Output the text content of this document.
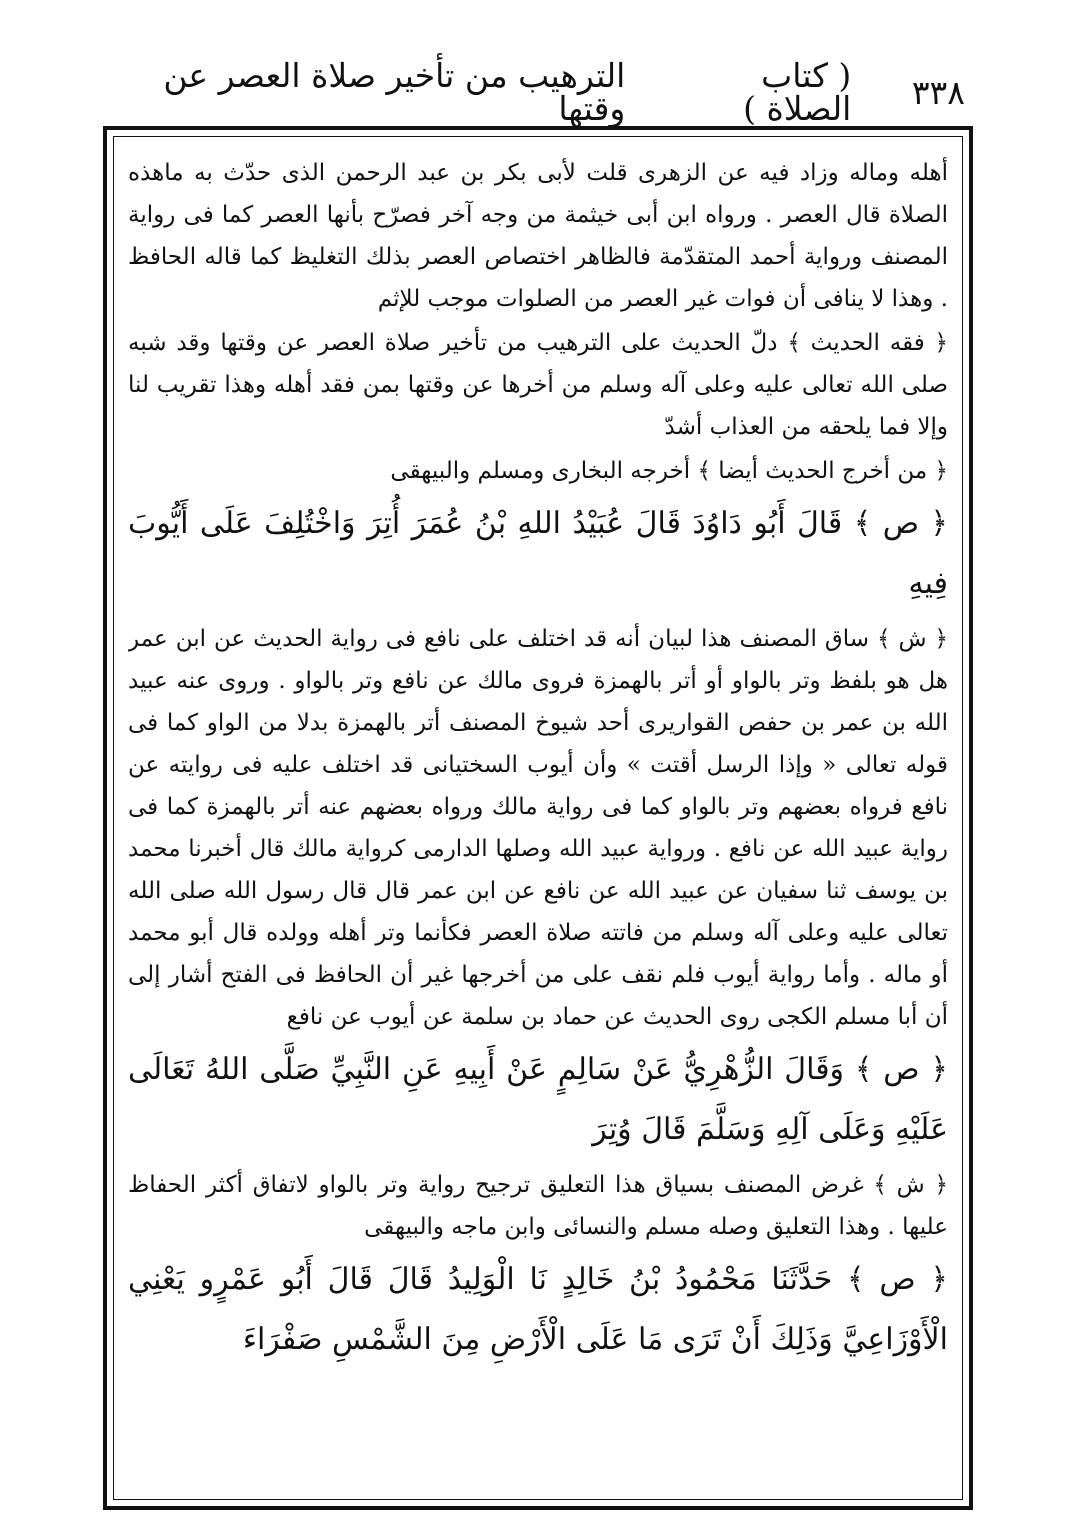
٣٣٨
( كتاب الصلاة )
الترهيب من تأخير صلاة العصر عن وقتها

أهله وماله وزاد فيه عن الزهرى قلت لأبى بكر بن عبد الرحمن الذى حدّث به ماهذه الصلاة قال العصر . ورواه ابن أبى خيثمة من وجه آخر فصرّح بأنها العصر كما فى رواية المصنف ورواية أحمد المتقدّمة فالظاهر اختصاص العصر بذلك التغليظ كما قاله الحافظ . وهذا لا ينافى أن فوات غير العصر من الصلوات موجب للإثم

﴿ فقه الحديث ﴾ دلّ الحديث على الترهيب من تأخير صلاة العصر عن وقتها وقد شبه صلى الله تعالى عليه وعلى آله وسلم من أخرها عن وقتها بمن فقد أهله وهذا تقريب لنا وإلا فما يلحقه من العذاب أشدّ

﴿ من أخرج الحديث أيضا ﴾ أخرجه البخارى ومسلم والبيهقى

﴿ ص ﴾ قَالَ أَبُو دَاوُدَ قَالَ عُبَيْدُ اللهِ بْنُ عُمَرَ أُتِرَ وَاخْتُلِفَ عَلَى أَيُّوبَ فِيهِ

﴿ ش ﴾ ساق المصنف هذا لبيان أنه قد اختلف على نافع فى رواية الحديث عن ابن عمر هل هو بلفظ وتر بالواو أو أتر بالهمزة فروى مالك عن نافع وتر بالواو . وروى عنه عبيد الله بن عمر بن حفص القواريرى أحد شيوخ المصنف أتر بالهمزة بدلا من الواو كما فى قوله تعالى « وإذا الرسل أقتت » وأن أيوب السختيانى قد اختلف عليه فى روايته عن نافع فرواه بعضهم وتر بالواو كما فى رواية مالك ورواه بعضهم عنه أتر بالهمزة كما فى رواية عبيد الله عن نافع . ورواية عبيد الله وصلها الدارمى كرواية مالك قال أخبرنا محمد بن يوسف ثنا سفيان عن عبيد الله عن نافع عن ابن عمر قال قال رسول الله صلى الله تعالى عليه وعلى آله وسلم من فاتته صلاة العصر فكأنما وتر أهله وولده قال أبو محمد أو ماله . وأما رواية أيوب فلم نقف على من أخرجها غير أن الحافظ فى الفتح أشار إلى أن أبا مسلم الكجى روى الحديث عن حماد بن سلمة عن أيوب عن نافع

﴿ ص ﴾ وَقَالَ الزُّهْرِيُّ عَنْ سَالِمٍ عَنْ أَبِيهِ عَنِ النَّبِيِّ صَلَّى اللهُ تَعَالَى عَلَيْهِ وَعَلَى آلِهِ وَسَلَّمَ قَالَ وُتِرَ

﴿ ش ﴾ غرض المصنف بسياق هذا التعليق ترجيح رواية وتر بالواو لاتفاق أكثر الحفاظ عليها . وهذا التعليق وصله مسلم والنسائى وابن ماجه والبيهقى

﴿ ص ﴾ حَدَّثَنَا مَحْمُودُ بْنُ خَالِدٍ نَا الْوَلِيدُ قَالَ قَالَ أَبُو عَمْرٍو يَعْنِي الْأَوْزَاعِيَّ وَذَلِكَ أَنْ تَرَى مَا عَلَى الْأَرْضِ مِنَ الشَّمْسِ صَفْرَاءَ
